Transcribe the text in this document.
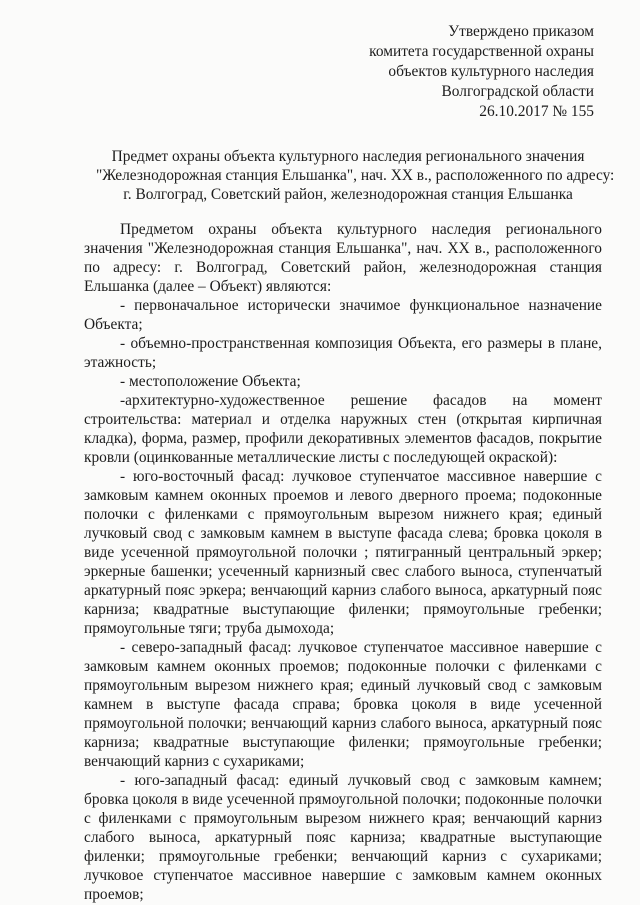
Утверждено приказом
комитета государственной охраны
объектов культурного наследия
Волгоградской области
26.10.2017 № 155
Предмет охраны объекта культурного наследия регионального значения
"Железнодорожная станция Ельшанка", нач. XX в., расположенного по адресу:
г. Волгоград, Советский район, железнодорожная станция Ельшанка

Предметом охраны объекта культурного наследия регионального значения "Железнодорожная станция Ельшанка", нач. XX в., расположенного по адресу: г. Волгоград, Советский район, железнодорожная станция Ельшанка (далее – Объект) являются:

- первоначальное исторически значимое функциональное назначение Объекта;

- объемно-пространственная композиция Объекта, его размеры в плане, этажность;

- местоположение Объекта;

-архитектурно-художественное решение фасадов на момент строительства: материал и отделка наружных стен (открытая кирпичная кладка), форма, размер, профили декоративных элементов фасадов, покрытие кровли (оцинкованные металлические листы с последующей окраской):

- юго-восточный фасад: лучковое ступенчатое массивное навершие с замковым камнем оконных проемов и левого дверного проема; подоконные полочки с филенками с прямоугольным вырезом нижнего края; единый лучковый свод с замковым камнем в выступе фасада слева; бровка цоколя в виде усеченной прямоугольной полочки ; пятигранный центральный эркер; эркерные башенки; усеченный карнизный свес слабого выноса, ступенчатый аркатурный пояс эркера; венчающий карниз слабого выноса, аркатурный пояс карниза; квадратные выступающие филенки; прямоугольные гребенки; прямоугольные тяги; труба дымохода;

- северо-западный фасад: лучковое ступенчатое массивное навершие с замковым камнем оконных проемов; подоконные полочки с филенками с прямоугольным вырезом нижнего края; единый лучковый свод с замковым камнем в выступе фасада справа; бровка цоколя в виде усеченной прямоугольной полочки; венчающий карниз слабого выноса, аркатурный пояс карниза; квадратные выступающие филенки; прямоугольные гребенки; венчающий карниз с сухариками;

- юго-западный фасад: единый лучковый свод с замковым камнем; бровка цоколя в виде усеченной прямоугольной полочки; подоконные полочки с филенками с прямоугольным вырезом нижнего края; венчающий карниз слабого выноса, аркатурный пояс карниза; квадратные выступающие филенки; прямоугольные гребенки; венчающий карниз с сухариками; лучковое ступенчатое массивное навершие с замковым камнем оконных проемов;
